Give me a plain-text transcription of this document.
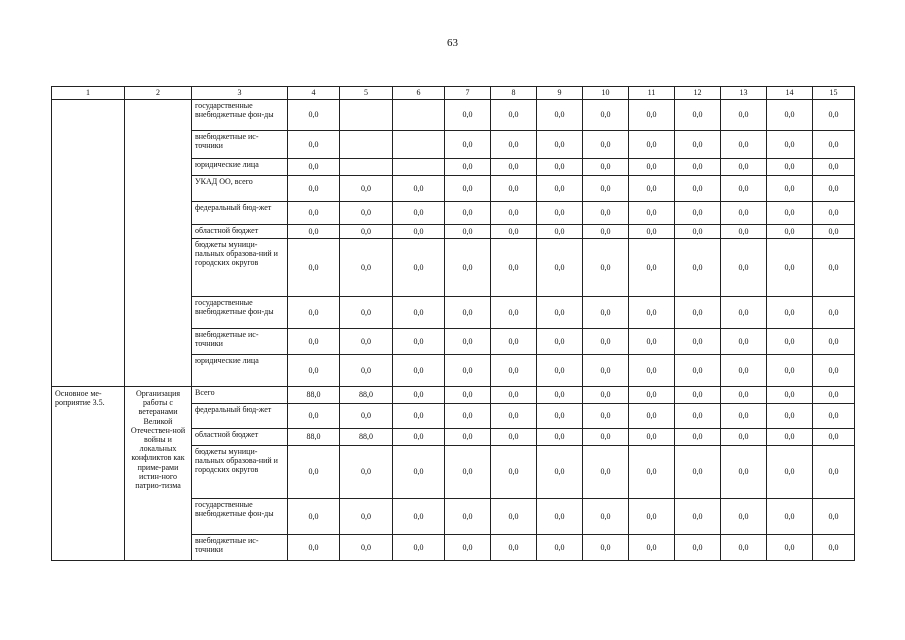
63
1	2	3	4	5	6	7	8	9	10	11	12	13	14	15
		государственные внебюджетные фон-ды	0,0			0,0	0,0	0,0	0,0	0,0	0,0	0,0	0,0	0,0
		внебюджетные ис-точники	0,0			0,0	0,0	0,0	0,0	0,0	0,0	0,0	0,0	0,0
		юридические лица	0,0			0,0	0,0	0,0	0,0	0,0	0,0	0,0	0,0	0,0
		УКАД ОО, всего	0,0	0,0	0,0	0,0	0,0	0,0	0,0	0,0	0,0	0,0	0,0	0,0
		федеральный бюд-жет	0,0	0,0	0,0	0,0	0,0	0,0	0,0	0,0	0,0	0,0	0,0	0,0
		областной бюджет	0,0	0,0	0,0	0,0	0,0	0,0	0,0	0,0	0,0	0,0	0,0	0,0
		бюджеты муници-пальных образова-ний и городских округов	0,0	0,0	0,0	0,0	0,0	0,0	0,0	0,0	0,0	0,0	0,0	0,0
		государственные внебюджетные фон-ды	0,0	0,0	0,0	0,0	0,0	0,0	0,0	0,0	0,0	0,0	0,0	0,0
		внебюджетные ис-точники	0,0	0,0	0,0	0,0	0,0	0,0	0,0	0,0	0,0	0,0	0,0	0,0
		юридические лица	0,0	0,0	0,0	0,0	0,0	0,0	0,0	0,0	0,0	0,0	0,0	0,0
Основное ме-роприятие 3.5.	Организация работы с ветеранами Великой Отечествен-ной войны и локальных конфликтов как приме-рами истин-ного патрио-тизма	Всего	88,0	88,0	0,0	0,0	0,0	0,0	0,0	0,0	0,0	0,0	0,0	0,0
		федеральный бюд-жет	0,0	0,0	0,0	0,0	0,0	0,0	0,0	0,0	0,0	0,0	0,0	0,0
		областной бюджет	88,0	88,0	0,0	0,0	0,0	0,0	0,0	0,0	0,0	0,0	0,0	0,0
		бюджеты муници-пальных образова-ний и городских округов	0,0	0,0	0,0	0,0	0,0	0,0	0,0	0,0	0,0	0,0	0,0	0,0
		государственные внебюджетные фон-ды	0,0	0,0	0,0	0,0	0,0	0,0	0,0	0,0	0,0	0,0	0,0	0,0
		внебюджетные ис-точники	0,0	0,0	0,0	0,0	0,0	0,0	0,0	0,0	0,0	0,0	0,0	0,0
